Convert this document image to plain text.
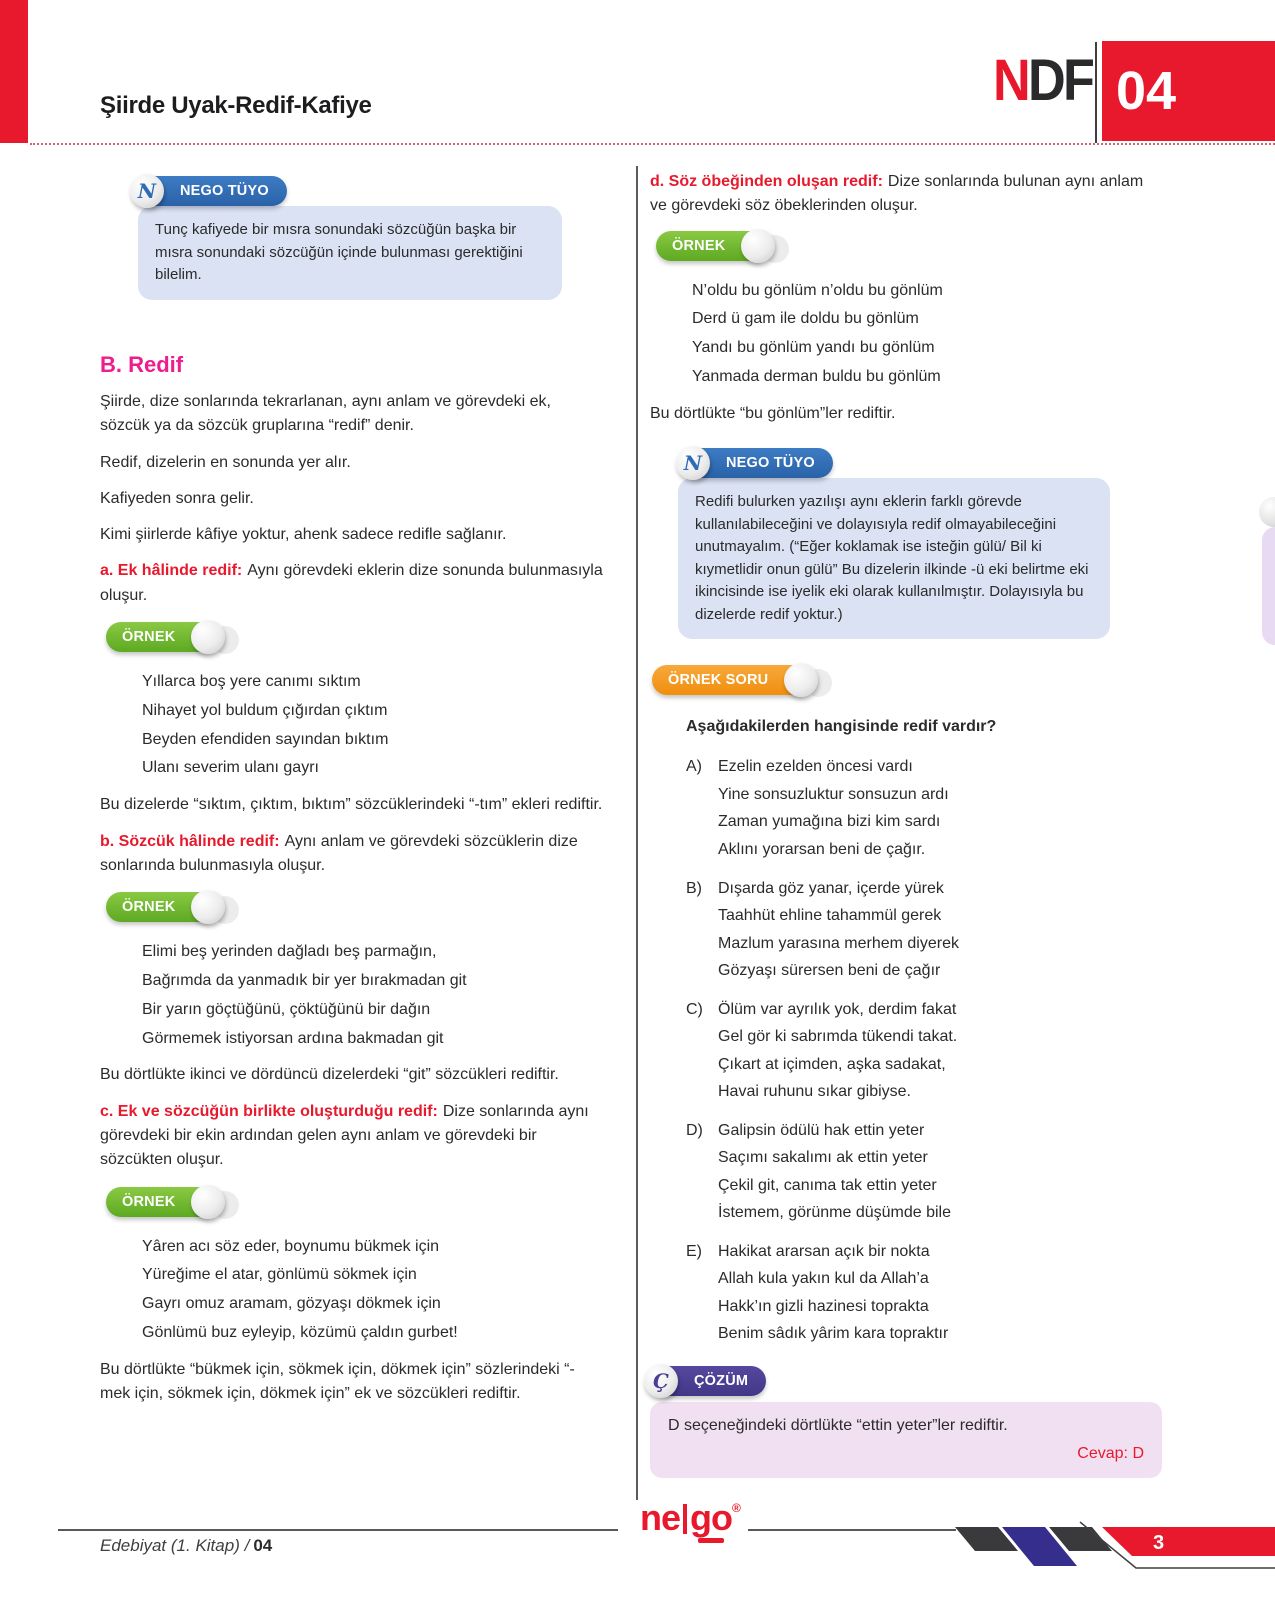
Şiirde Uyak-Redif-Kafiye	NDF 04
N	NEGO TÜYO
Tunç kafiyede bir mısra sonundaki sözcüğün başka bir mısra sonundaki sözcüğün içinde bulunması gerektiğini bilelim.
B. Redif

Şiirde, dize sonlarında tekrarlanan, aynı anlam ve görevdeki ek, sözcük ya da sözcük gruplarına “redif” denir.

Redif, dizelerin en sonunda yer alır.

Kafiyeden sonra gelir.

Kimi şiirlerde kâfiye yoktur, ahenk sadece redifle sağlanır.

a. Ek hâlinde redif: Aynı görevdeki eklerin dize sonunda bulunmasıyla oluşur.

ÖRNEK
Yıllarca boş yere canımı sıktım
Nihayet yol buldum çığırdan çıktım
Beyden efendiden sayından bıktım
Ulanı severim ulanı gayrı

Bu dizelerde “sıktım, çıktım, bıktım” sözcüklerindeki “-tım” ekleri rediftir.

b. Sözcük hâlinde redif: Aynı anlam ve görevdeki sözcüklerin dize sonlarında bulunmasıyla oluşur.

ÖRNEK
Elimi beş yerinden dağladı beş parmağın,
Bağrımda da yanmadık bir yer bırakmadan git
Bir yarın göçtüğünü, çöktüğünü bir dağın
Görmemek istiyorsan ardına bakmadan git

Bu dörtlükte ikinci ve dördüncü dizelerdeki “git” sözcükleri rediftir.

c. Ek ve sözcüğün birlikte oluşturduğu redif: Dize sonlarında aynı görevdeki bir ekin ardından gelen aynı anlam ve görevdeki bir sözcükten oluşur.

ÖRNEK
Yâren acı söz eder, boynumu bükmek için
Yüreğime el atar, gönlümü sökmek için
Gayrı omuz aramam, gözyaşı dökmek için
Gönlümü buz eyleyip, közümü çaldın gurbet!

Bu dörtlükte “bükmek için, sökmek için, dökmek için” sözlerindeki “-mek için, sökmek için, dökmek için” ek ve sözcükleri rediftir.

d. Söz öbeğinden oluşan redif: Dize sonlarında bulunan aynı anlam ve görevdeki söz öbeklerinden oluşur.

ÖRNEK
N’oldu bu gönlüm n’oldu bu gönlüm
Derd ü gam ile doldu bu gönlüm
Yandı bu gönlüm yandı bu gönlüm
Yanmada derman buldu bu gönlüm

Bu dörtlükte “bu gönlüm”ler rediftir.

N	NEGO TÜYO
Redifi bulurken yazılışı aynı eklerin farklı görevde kullanılabileceğini ve dolayısıyla redif olmayabileceğini unutmayalım. (“Eğer koklamak ise isteğin gülü/ Bil ki kıymetlidir onun gülü” Bu dizelerin ilkinde -ü eki belirtme eki ikincisinde ise iyelik eki olarak kullanılmıştır. Dolayısıyla bu dizelerde redif yoktur.)
ÖRNEK SORU
Aşağıdakilerden hangisinde redif vardır?
A)	Ezelin ezelden öncesi vardı
Yine sonsuzluktur sonsuzun ardı
Zaman yumağına bizi kim sardı
Aklını yorarsan beni de çağır.
B)	Dışarda göz yanar, içerde yürek
Taahhüt ehline tahammül gerek
Mazlum yarasına merhem diyerek
Gözyaşı sürersen beni de çağır
C) Ölüm var ayrılık yok, derdim fakat
Gel gör ki sabrımda tükendi takat.
Çıkart at içimden, aşka sadakat,
Havai ruhunu sıkar gibiyse.
D) Galipsin ödülü hak ettin yeter
Saçımı sakalımı ak ettin yeter
Çekil git, canıma tak ettin yeter
İstemem, görünme düşümde bile
E)	Hakikat ararsan açık bir nokta
Allah kula yakın kul da Allah’a
Hakk’ın gizli hazinesi toprakta
Benim sâdık yârim kara topraktır
Ç	ÇÖZÜM
D seçeneğindeki dörtlükte “ettin yeter”ler rediftir.
Cevap: D
Edebiyat (1. Kitap) / 04
ne go®
3
